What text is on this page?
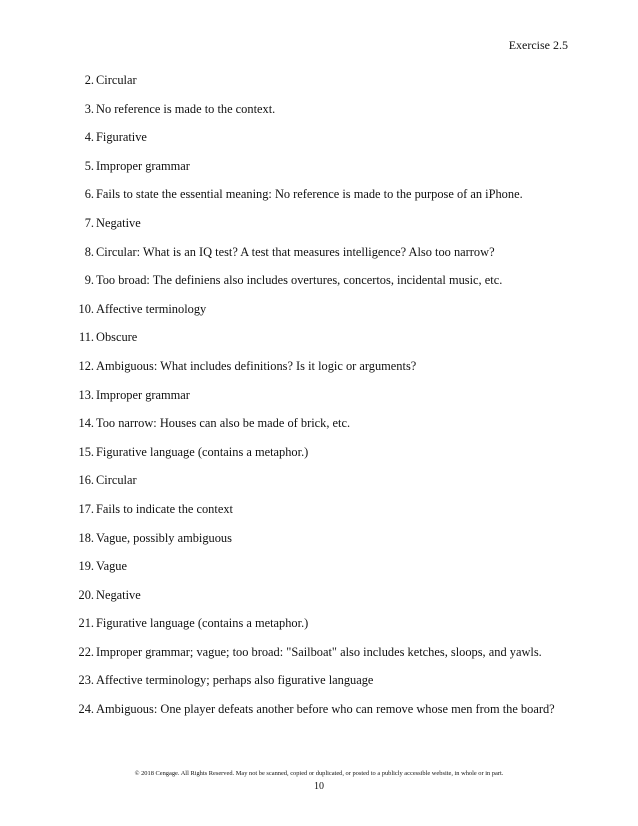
Exercise 2.5
2. Circular
3. No reference is made to the context.
4. Figurative
5. Improper grammar
6. Fails to state the essential meaning: No reference is made to the purpose of an iPhone.
7. Negative
8. Circular: What is an IQ test? A test that measures intelligence? Also too narrow?
9. Too broad: The definiens also includes overtures, concertos, incidental music, etc.
10. Affective terminology
11. Obscure
12. Ambiguous: What includes definitions? Is it logic or arguments?
13. Improper grammar
14. Too narrow: Houses can also be made of brick, etc.
15. Figurative language (contains a metaphor.)
16. Circular
17. Fails to indicate the context
18. Vague, possibly ambiguous
19. Vague
20. Negative
21. Figurative language (contains a metaphor.)
22. Improper grammar; vague; too broad: "Sailboat" also includes ketches, sloops, and yawls.
23. Affective terminology; perhaps also figurative language
24. Ambiguous: One player defeats another before who can remove whose men from the board?
© 2018 Cengage. All Rights Reserved. May not be scanned, copied or duplicated, or posted to a publicly accessible website, in whole or in part.
10
